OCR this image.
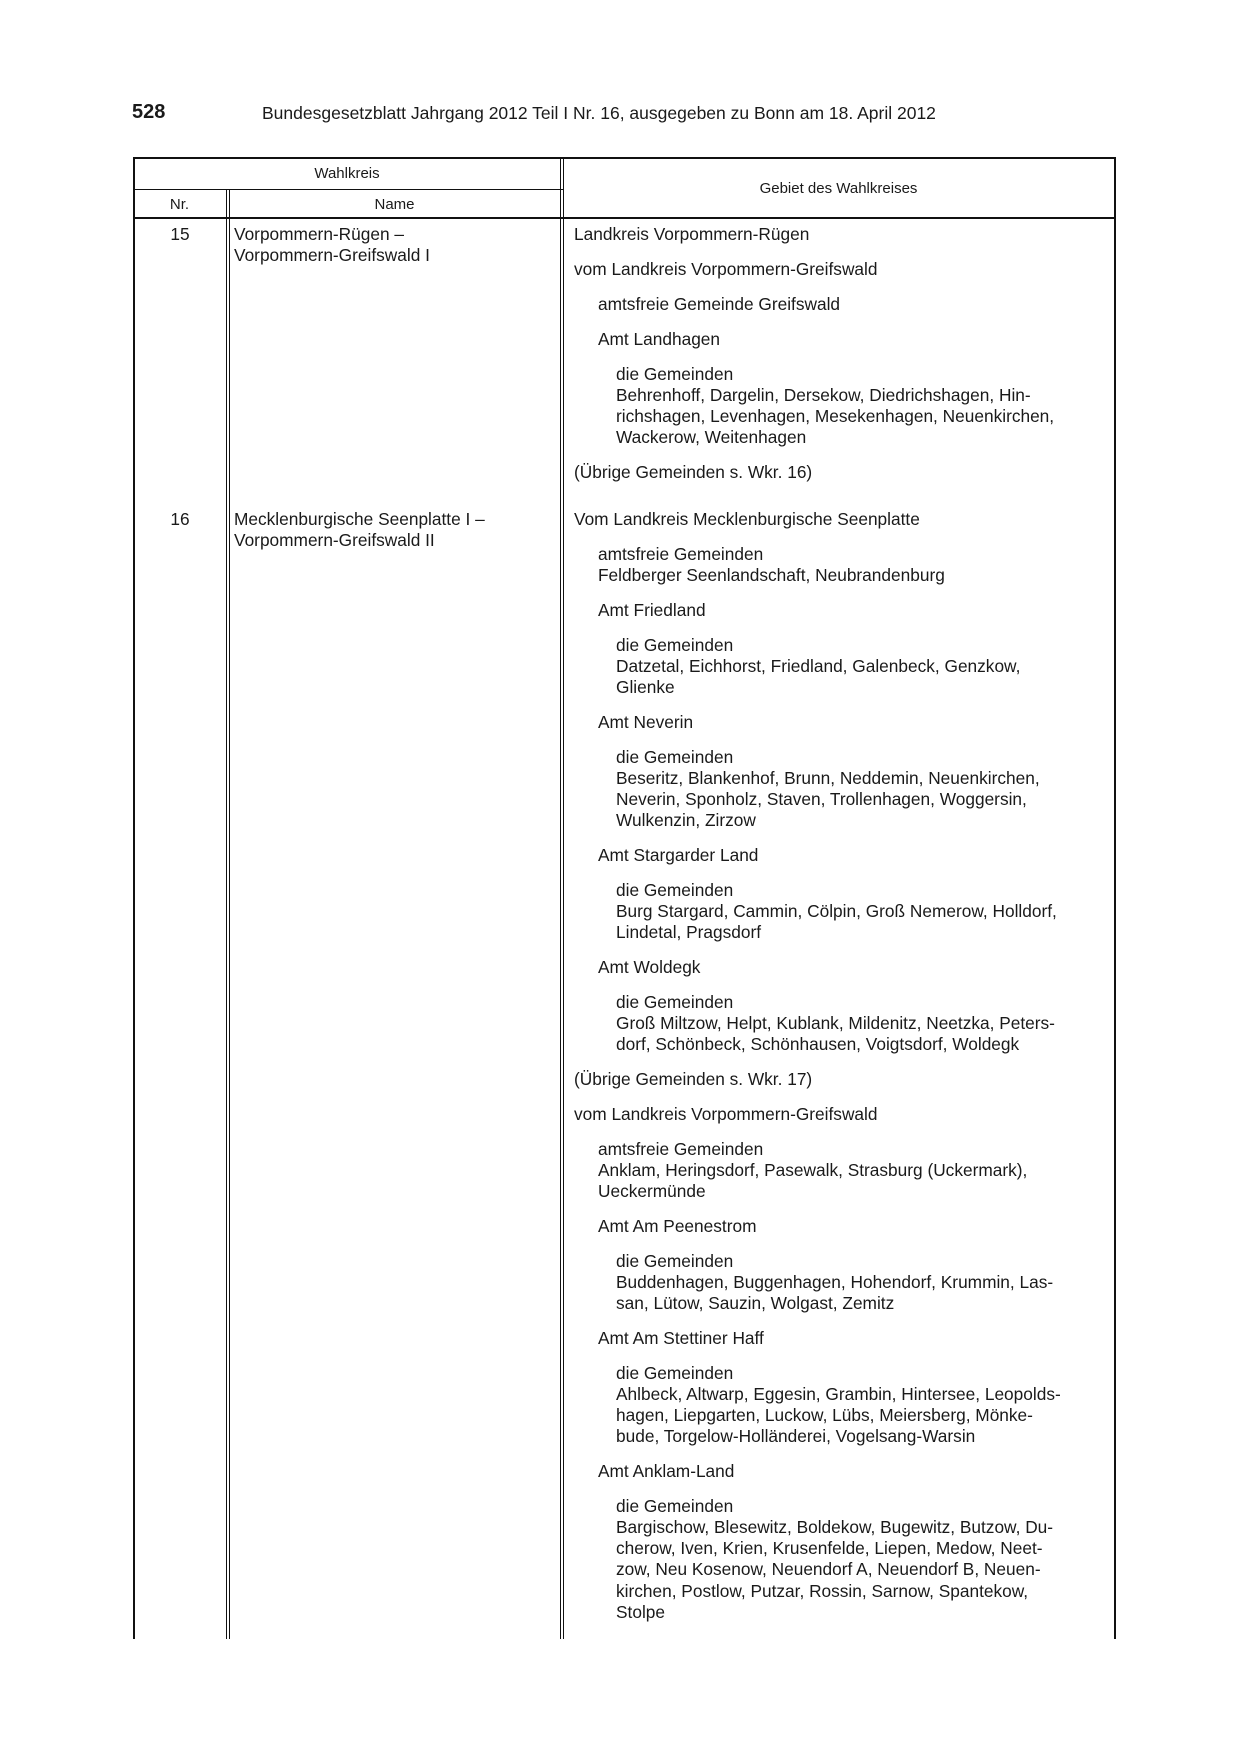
528	Bundesgesetzblatt Jahrgang 2012 Teil I Nr. 16, ausgegeben zu Bonn am 18. April 2012
Wahlkreis
Nr.	Name
Gebiet des Wahlkreises
15	Vorpommern-Rügen –
Vorpommern-Greifswald I
Landkreis Vorpommern-Rügen
vom Landkreis Vorpommern-Greifswald
amtsfreie Gemeinde Greifswald
Amt Landhagen
die Gemeinden
Behrenhoff, Dargelin, Dersekow, Diedrichshagen, Hin-
richshagen, Levenhagen, Mesekenhagen, Neuenkirchen,
Wackerow, Weitenhagen
(Übrige Gemeinden s. Wkr. 16)
16	Mecklenburgische Seenplatte I –
Vorpommern-Greifswald II
Vom Landkreis Mecklenburgische Seenplatte
amtsfreie Gemeinden
Feldberger Seenlandschaft, Neubrandenburg
Amt Friedland
die Gemeinden
Datzetal, Eichhorst, Friedland, Galenbeck, Genzkow,
Glienke
Amt Neverin
die Gemeinden
Beseritz, Blankenhof, Brunn, Neddemin, Neuenkirchen,
Neverin, Sponholz, Staven, Trollenhagen, Woggersin,
Wulkenzin, Zirzow
Amt Stargarder Land
die Gemeinden
Burg Stargard, Cammin, Cölpin, Groß Nemerow, Holldorf,
Lindetal, Pragsdorf
Amt Woldegk
die Gemeinden
Groß Miltzow, Helpt, Kublank, Mildenitz, Neetzka, Peters-
dorf, Schönbeck, Schönhausen, Voigtsdorf, Woldegk
(Übrige Gemeinden s. Wkr. 17)
vom Landkreis Vorpommern-Greifswald
amtsfreie Gemeinden
Anklam, Heringsdorf, Pasewalk, Strasburg (Uckermark),
Ueckermünde
Amt Am Peenestrom
die Gemeinden
Buddenhagen, Buggenhagen, Hohendorf, Krummin, Las-
san, Lütow, Sauzin, Wolgast, Zemitz
Amt Am Stettiner Haff
die Gemeinden
Ahlbeck, Altwarp, Eggesin, Grambin, Hintersee, Leopolds-
hagen, Liepgarten, Luckow, Lübs, Meiersberg, Mönke-
bude, Torgelow-Holländerei, Vogelsang-Warsin
Amt Anklam-Land
die Gemeinden
Bargischow, Blesewitz, Boldekow, Bugewitz, Butzow, Du-
cherow, Iven, Krien, Krusenfelde, Liepen, Medow, Neet-
zow, Neu Kosenow, Neuendorf A, Neuendorf B, Neuen-
kirchen, Postlow, Putzar, Rossin, Sarnow, Spantekow,
Stolpe
